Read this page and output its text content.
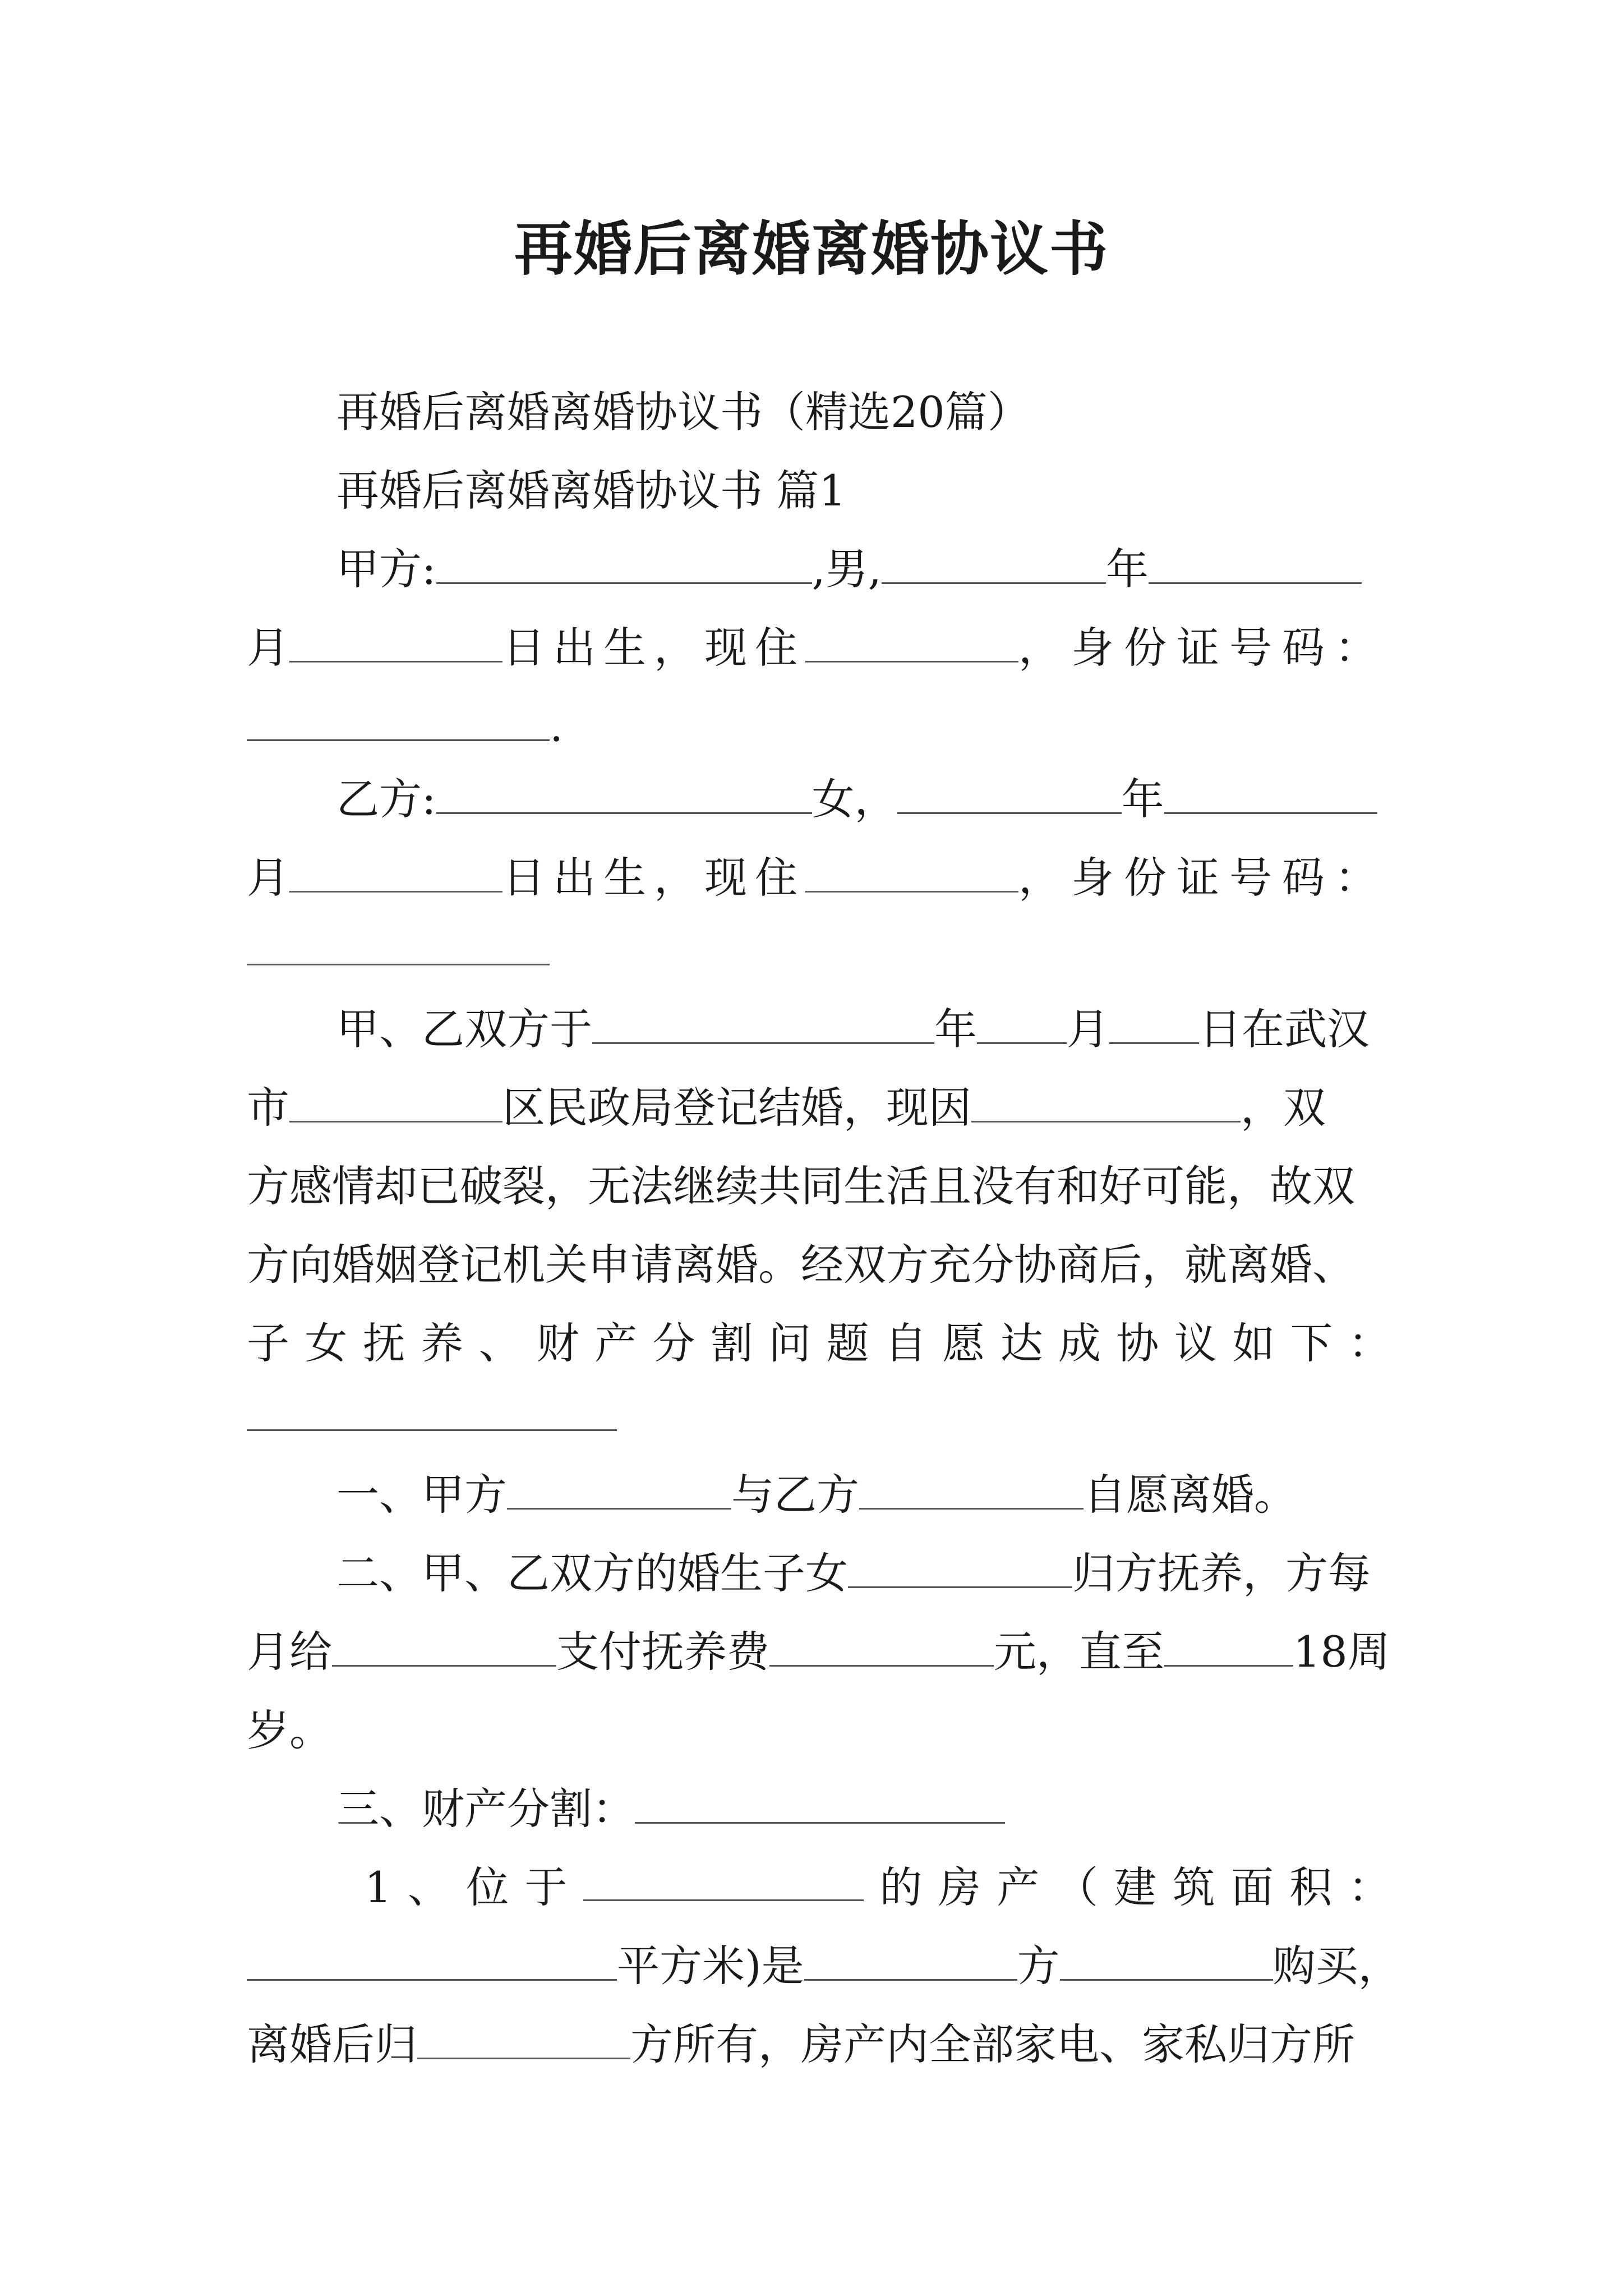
再婚后离婚离婚协议书
再婚后离婚离婚协议书（精选20篇）
再婚后离婚离婚协议书 篇1
甲方:	,男,	年
月	日出生，现住	，身份证号码：
.
乙方:	女，	年
月	日出生，现住	，身份证号码：
甲、乙双方于	年 月 日在武汉
市	区民政局登记结婚，现因	，双
方感情却已破裂，无法继续共同生活且没有和好可能，故双
方向婚姻登记机关申请离婚。经双方充分协商后，就离婚、
子 女 抚 养 、 财 产 分 割 问 题 自 愿 达 成 协 议 如 下 ：
一、甲方	与乙方	自愿离婚。
二、甲、乙双方的婚生子女	归方抚养，方每
月给	支付抚养费	元，直至	18周
岁。
三、财产分割：
1 、 位 于	的 房 产 （ 建 筑 面 积 ：
平方米)是	方	购买，
离婚后归	方所有，房产内全部家电、家私归方所
